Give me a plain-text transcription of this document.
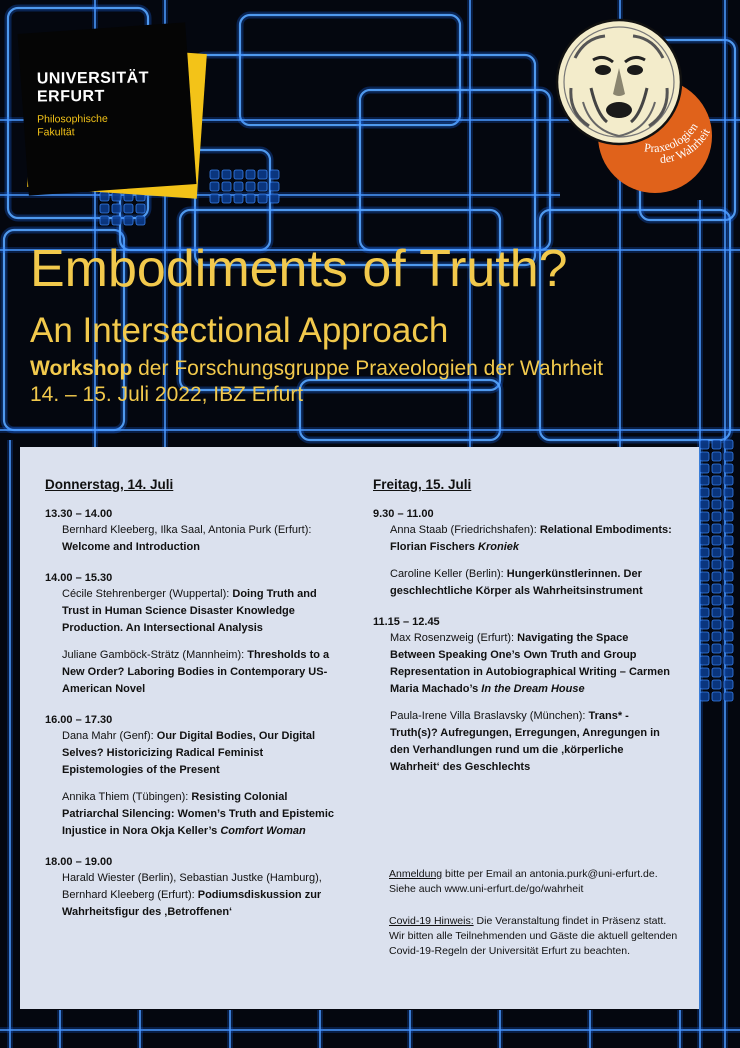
UNIVERSITÄT
ERFURT
Philosophische
Fakultät
Praxeologien
der Wahrheit
Embodiments of Truth?
An Intersectional Approach
Workshop der Forschungsgruppe Praxeologien der Wahrheit
14. – 15. Juli 2022, IBZ Erfurt
Donnerstag, 14. Juli
13.30 – 14.00
Bernhard Kleeberg, Ilka Saal, Antonia Purk (Erfurt): Welcome and Introduction
14.00 – 15.30
Cécile Stehrenberger (Wuppertal): Doing Truth and Trust in Human Science Disaster Knowledge Production. An Intersectional Analysis
Juliane Gamböck-Strätz (Mannheim): Thresholds to a New Order? Laboring Bodies in Contemporary US-American Novel
16.00 – 17.30
Dana Mahr (Genf): Our Digital Bodies, Our Digital Selves? Historicizing Radical Feminist Epistemologies of the Present
Annika Thiem (Tübingen): Resisting Colonial Patriarchal Silencing: Women’s Truth and Epistemic Injustice in Nora Okja Keller’s Comfort Woman
18.00 – 19.00
Harald Wiester (Berlin), Sebastian Justke (Hamburg), Bernhard Kleeberg (Erfurt): Podiumsdiskussion zur Wahrheitsfigur des ‚Betroffenen‘
Freitag, 15. Juli
9.30 – 11.00
Anna Staab (Friedrichshafen): Relational Embodiments: Florian Fischers Kroniek
Caroline Keller (Berlin): Hungerkünstlerinnen. Der geschlechtliche Körper als Wahrheitsinstrument
11.15 – 12.45
Max Rosenzweig (Erfurt): Navigating the Space Between Speaking One’s Own Truth and Group Representation in Autobiographical Writing – Carmen Maria Machado’s In the Dream House
Paula-Irene Villa Braslavsky (München): Trans* - Truth(s)? Aufregungen, Erregungen, Anregungen in den Verhandlungen rund um die ‚körperliche Wahrheit‘ des Geschlechts
Anmeldung bitte per Email an antonia.purk@uni-erfurt.de. Siehe auch www.uni-erfurt.de/go/wahrheit
Covid-19 Hinweis: Die Veranstaltung findet in Präsenz statt. Wir bitten alle Teilnehmenden und Gäste die aktuell geltenden Covid-19-Regeln der Universität Erfurt zu beachten.
